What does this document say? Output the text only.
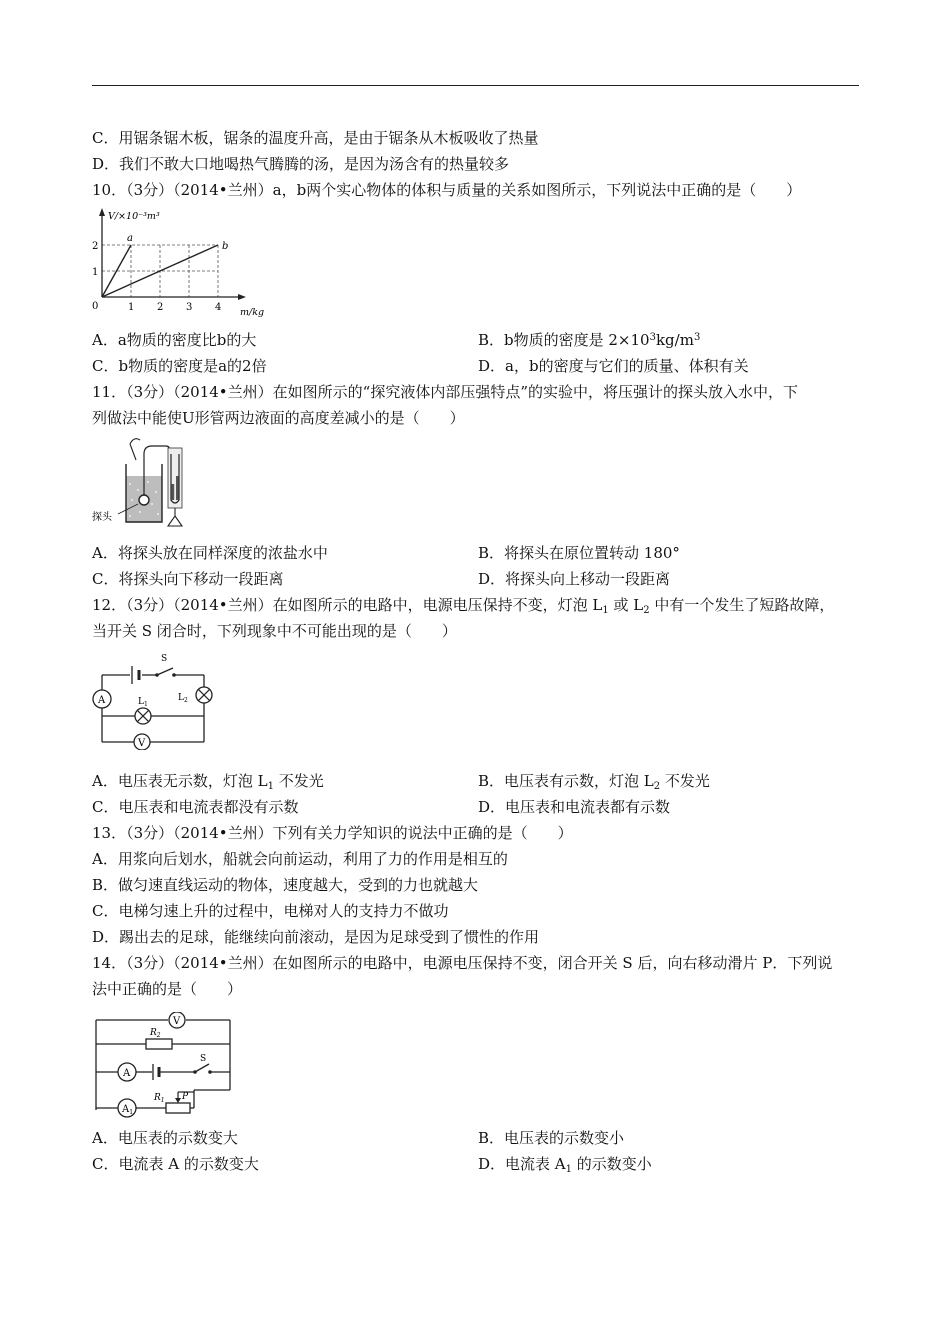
C．用锯条锯木板，锯条的温度升高，是由于锯条从木板吸收了热量
D．我们不敢大口地喝热气腾腾的汤，是因为汤含有的热量较多
10．（3分）（2014•兰州）a，b两个实心物体的体积与质量的关系如图所示，下列说法中正确的是（　　）
V/×10⁻³m³
m/kg
0	1 2 3 4
1
2
a
b
A．a物质的密度比b的大	B．b物质的密度是 $2\times 10^3kg/m^3$
C．b物质的密度是a的2倍	D．a，b的密度与它们的质量、体积有关
11．（3分）（2014•兰州）在如图所示的“探究液体内部压强特点”的实验中，将压强计的探头放入水中，下
列做法中能使U形管两边液面的高度差减小的是（　　）
探头
A．将探头放在同样深度的浓盐水中	B．将探头在原位置转动 180°
C．将探头向下移动一段距离	D．将探头向上移动一段距离
12．（3分）（2014•兰州）在如图所示的电路中，电源电压保持不变，灯泡 $L_1$ 或 $L_2$ 中有一个发生了短路故障，
当开关 S 闭合时，下列现象中不可能出现的是（　　）
S
A	$L_2$
$L_1$
V
A．电压表无示数，灯泡 $L_1$ 不发光	B．电压表有示数，灯泡 $L_2$ 不发光
C．电压表和电流表都没有示数	D．电压表和电流表都有示数
13．（3分）（2014•兰州）下列有关力学知识的说法中正确的是（　　）
A．用浆向后划水，船就会向前运动，利用了力的作用是相互的
B．做匀速直线运动的物体，速度越大，受到的力也就越大
C．电梯匀速上升的过程中，电梯对人的支持力不做功
D．踢出去的足球，能继续向前滚动，是因为足球受到了惯性的作用
14．（3分）（2014•兰州）在如图所示的电路中，电源电压保持不变，闭合开关 S 后，向右移动滑片 P．下列说
法中正确的是（　　）
V
$R_2$
A
S
$A_1$
$R_1$ P
A．电压表的示数变大	B．电压表的示数变小
C．电流表 A 的示数变大	D．电流表 $A_1$ 的示数变小
